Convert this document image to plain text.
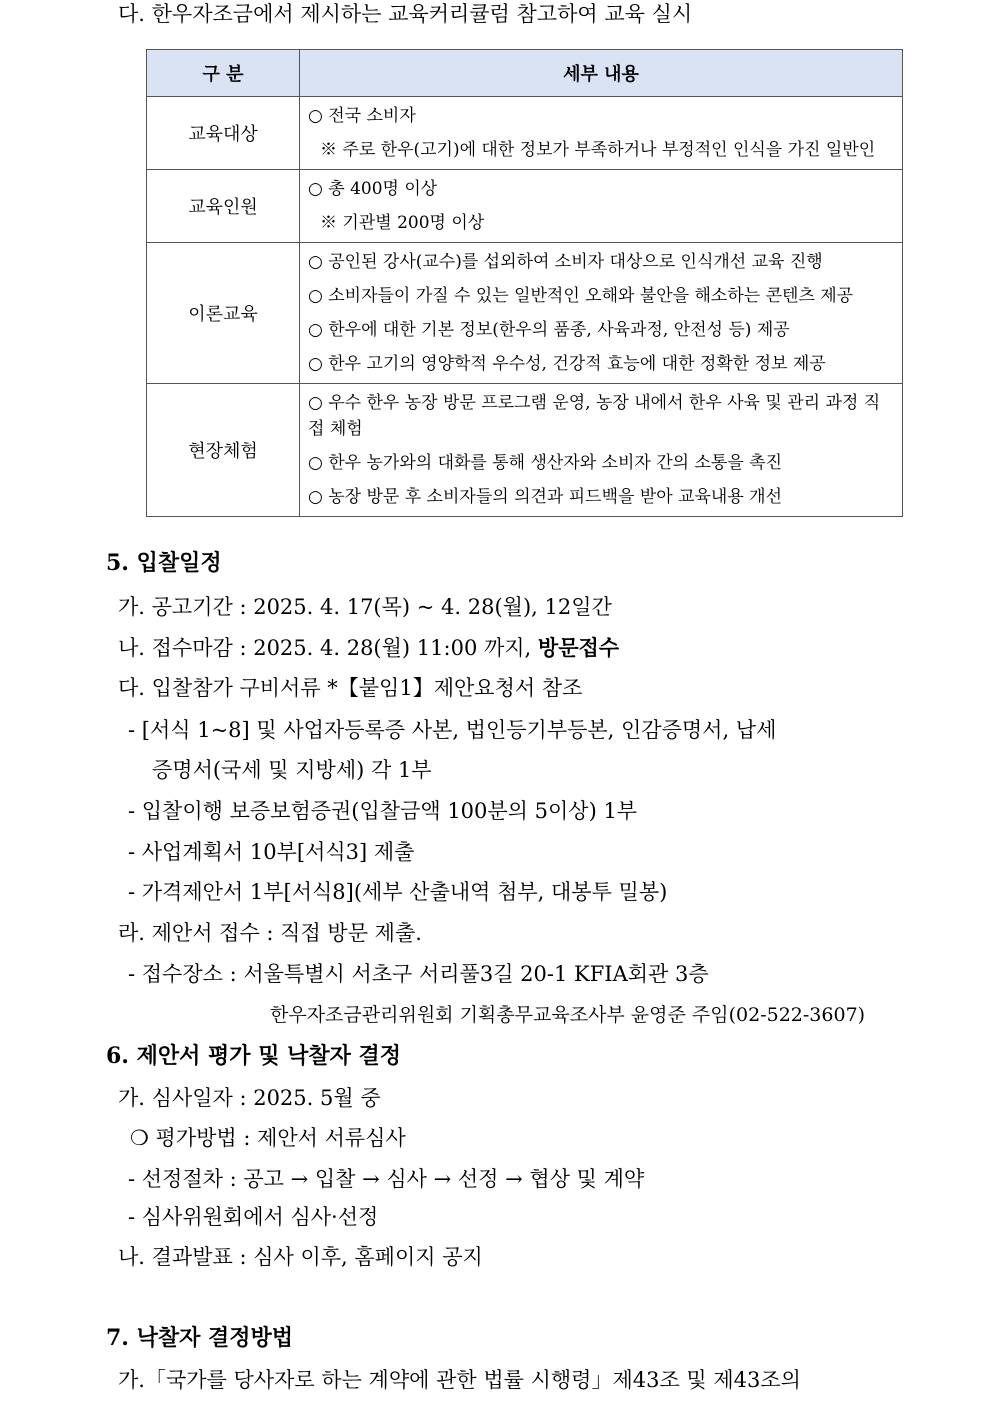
다. 한우자조금에서 제시하는 교육커리큘럼 참고하여 교육 실시
구 분	세부 내용
교육대상	○ 전국 소비자
※ 주로 한우(고기)에 대한 정보가 부족하거나 부정적인 인식을 가진 일반인

교육인원	○ 총 400명 이상
※ 기관별 200명 이상

이론교육	○ 공인된 강사(교수)를 섭외하여 소비자 대상으로 인식개선 교육 진행
○ 소비자들이 가질 수 있는 일반적인 오해와 불안을 해소하는 콘텐츠 제공
○ 한우에 대한 기본 정보(한우의 품종, 사육과정, 안전성 등) 제공
○ 한우 고기의 영양학적 우수성, 건강적 효능에 대한 정확한 정보 제공

현장체험	○ 우수 한우 농장 방문 프로그램 운영, 농장 내에서 한우 사육 및 관리 과정 직접 체험
○ 한우 농가와의 대화를 통해 생산자와 소비자 간의 소통을 촉진
○ 농장 방문 후 소비자들의 의견과 피드백을 받아 교육내용 개선
5. 입찰일정
가. 공고기간 : 2025. 4. 17(목) ~ 4. 28(월), 12일간
나. 접수마감 : 2025. 4. 28(월) 11:00 까지, 방문접수
다. 입찰참가 구비서류 *【붙임1】제안요청서 참조
- [서식 1~8] 및 사업자등록증 사본, 법인등기부등본, 인감증명서, 납세
증명서(국세 및 지방세) 각 1부
- 입찰이행 보증보험증권(입찰금액 100분의 5이상) 1부
- 사업계획서 10부[서식3] 제출
- 가격제안서 1부[서식8](세부 산출내역 첨부, 대봉투 밀봉)
라. 제안서 접수 : 직접 방문 제출.
- 접수장소 : 서울특별시 서초구 서리풀3길 20-1 KFIA회관 3층
한우자조금관리위원회 기획총무교육조사부 윤영준 주임(02-522-3607)
6. 제안서 평가 및 낙찰자 결정
가. 심사일자 : 2025. 5월 중
❍ 평가방법 : 제안서 서류심사
- 선정절차 : 공고 → 입찰 → 심사 → 선정 → 협상 및 계약
- 심사위원회에서 심사·선정
나. 결과발표 : 심사 이후, 홈페이지 공지
7. 낙찰자 결정방법
가.「국가를 당사자로 하는 계약에 관한 법률 시행령」제43조 및 제43조의
